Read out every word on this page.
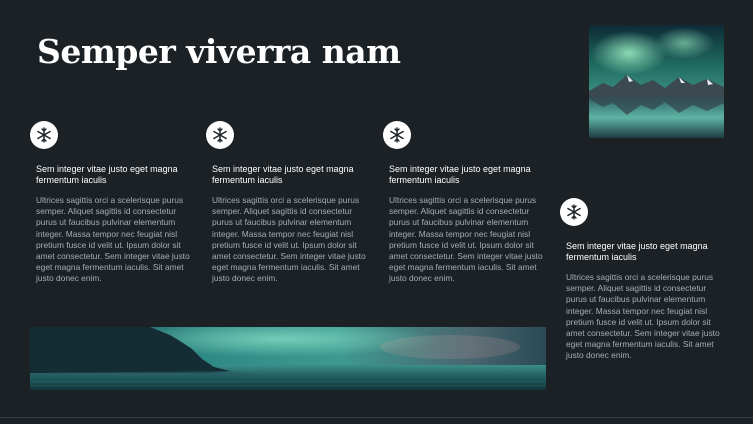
Semper viverra nam
Sem integer vitae justo eget magna fermentum iaculis

Ultrices sagittis orci a scelerisque purus semper. Aliquet sagittis id consectetur purus ut faucibus pulvinar elementum integer. Massa tempor nec feugiat nisl pretium fusce id velit ut. Ipsum dolor sit amet consectetur. Sem integer vitae justo eget magna fermentum iaculis. Sit amet justo donec enim.

Sem integer vitae justo eget magna fermentum iaculis

Ultrices sagittis orci a scelerisque purus semper. Aliquet sagittis id consectetur purus ut faucibus pulvinar elementum integer. Massa tempor nec feugiat nisl pretium fusce id velit ut. Ipsum dolor sit amet consectetur. Sem integer vitae justo eget magna fermentum iaculis. Sit amet justo donec enim.

Sem integer vitae justo eget magna fermentum iaculis

Ultrices sagittis orci a scelerisque purus semper. Aliquet sagittis id consectetur purus ut faucibus pulvinar elementum integer. Massa tempor nec feugiat nisl pretium fusce id velit ut. Ipsum dolor sit amet consectetur. Sem integer vitae justo eget magna fermentum iaculis. Sit amet justo donec enim.

Sem integer vitae justo eget magna fermentum iaculis

Ultrices sagittis orci a scelerisque purus semper. Aliquet sagittis id consectetur purus ut faucibus pulvinar elementum integer. Massa tempor nec feugiat nisl pretium fusce id velit ut. Ipsum dolor sit amet consectetur. Sem integer vitae justo eget magna fermentum iaculis. Sit amet justo donec enim.
